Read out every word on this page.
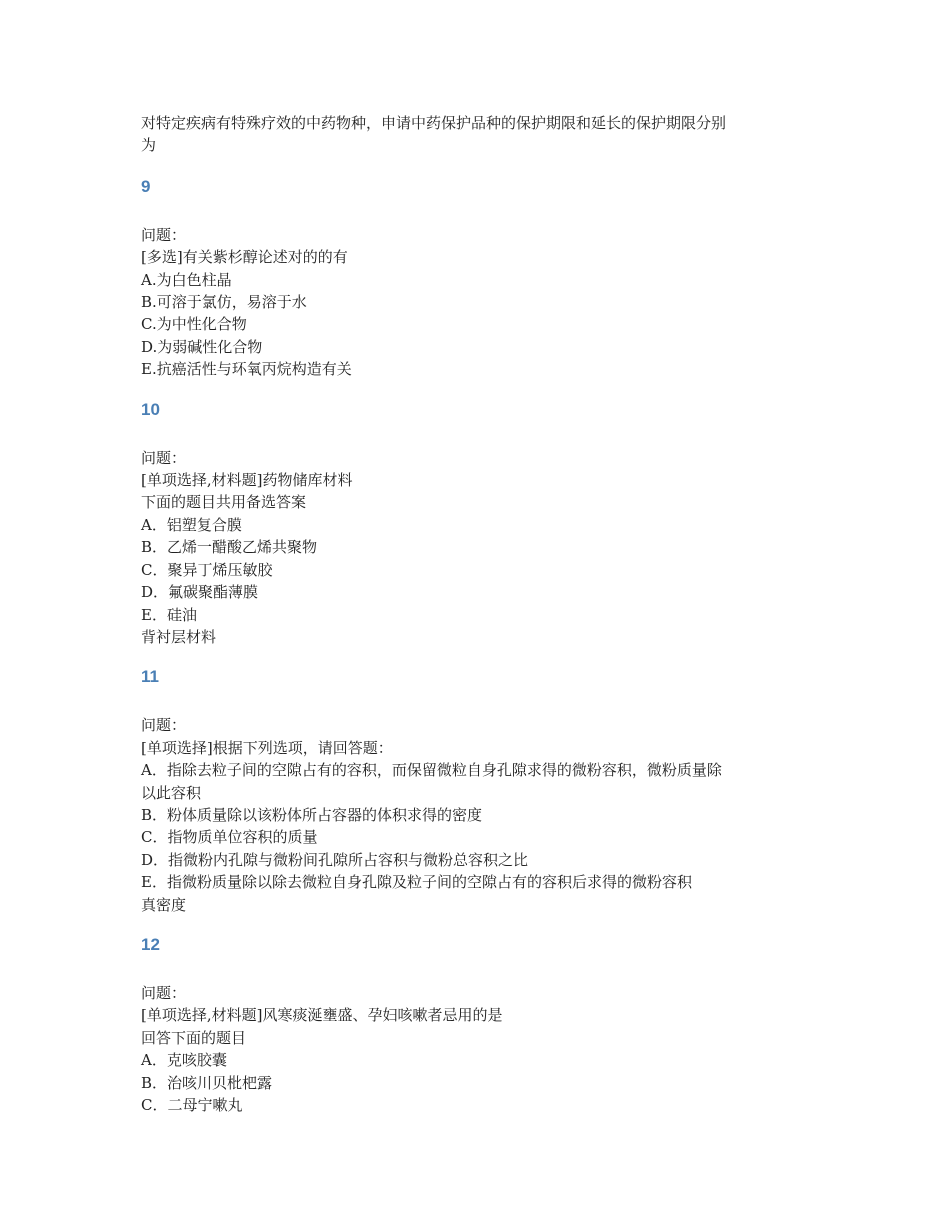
对特定疾病有特殊疗效的中药物种，申请中药保护品种的保护期限和延长的保护期限分别

为

9

问题：

[多选]有关紫杉醇论述对的的有

A.为白色柱晶

B.可溶于氯仿，易溶于水

C.为中性化合物

D.为弱碱性化合物

E.抗癌活性与环氧丙烷构造有关

10

问题：

[单项选择,材料题]药物储库材料

下面的题目共用备选答案

A．铝塑复合膜

B．乙烯一醋酸乙烯共聚物

C．聚异丁烯压敏胶

D．氟碳聚酯薄膜

E．硅油

背衬层材料

11

问题：

[单项选择]根据下列选项，请回答题：

A．指除去粒子间的空隙占有的容积，而保留微粒自身孔隙求得的微粉容积，微粉质量除

以此容积

B．粉体质量除以该粉体所占容器的体积求得的密度

C．指物质单位容积的质量

D．指微粉内孔隙与微粉间孔隙所占容积与微粉总容积之比

E．指微粉质量除以除去微粒自身孔隙及粒子间的空隙占有的容积后求得的微粉容积

真密度

12

问题：

[单项选择,材料题]风寒痰涎壅盛、孕妇咳嗽者忌用的是

回答下面的题目

A．克咳胶囊

B．治咳川贝枇杷露

C．二母宁嗽丸
